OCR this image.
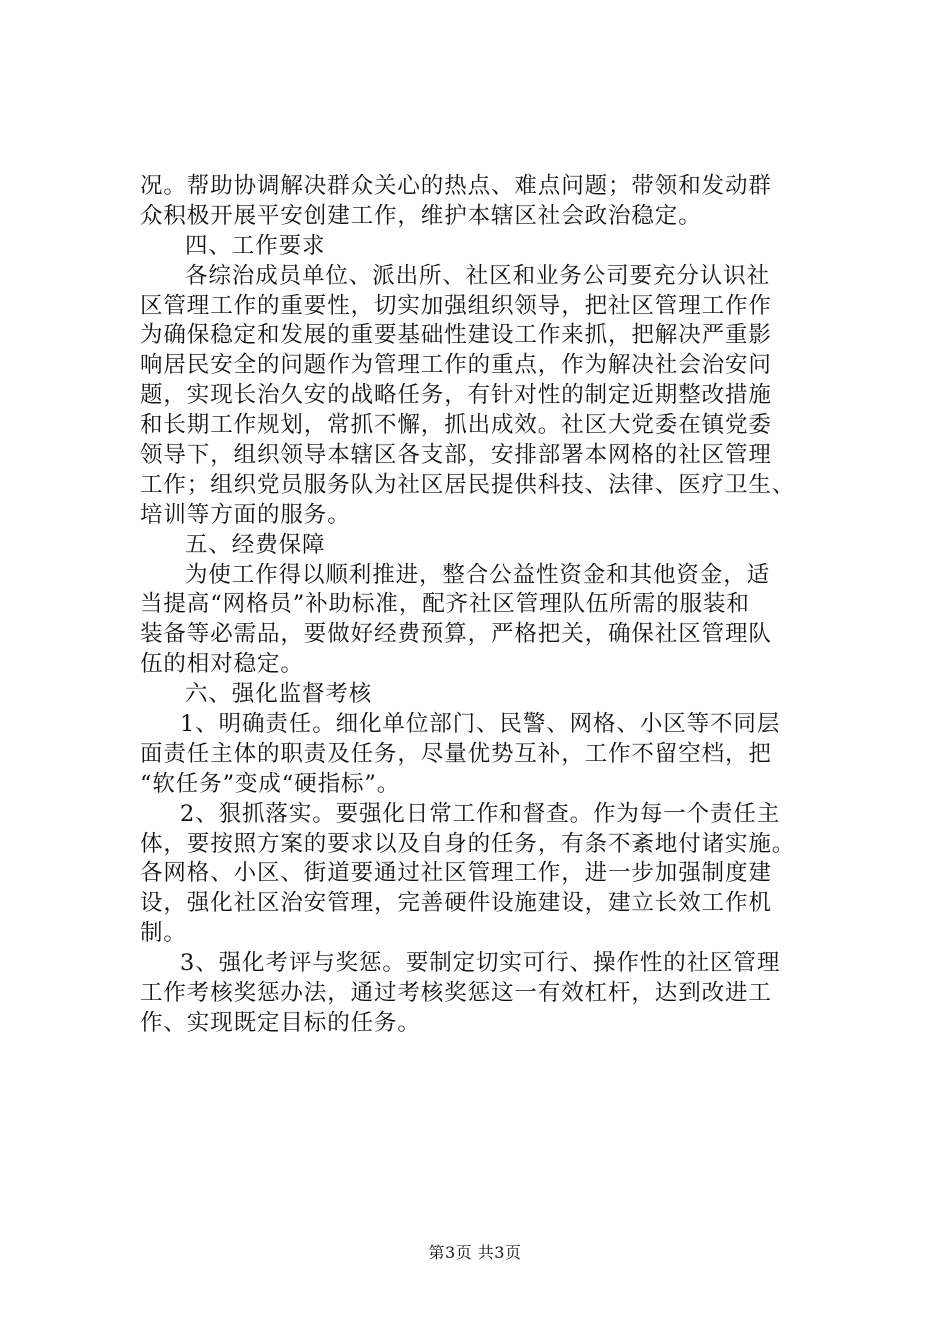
况。帮助协调解决群众关心的热点、难点问题；带领和发动群
众积极开展平安创建工作，维护本辖区社会政治稳定。
四、工作要求
各综治成员单位、派出所、社区和业务公司要充分认识社
区管理工作的重要性，切实加强组织领导，把社区管理工作作
为确保稳定和发展的重要基础性建设工作来抓，把解决严重影
响居民安全的问题作为管理工作的重点，作为解决社会治安问
题，实现长治久安的战略任务，有针对性的制定近期整改措施
和长期工作规划，常抓不懈，抓出成效。社区大党委在镇党委
领导下，组织领导本辖区各支部，安排部署本网格的社区管理
工作；组织党员服务队为社区居民提供科技、法律、医疗卫生、
培训等方面的服务。
五、经费保障
为使工作得以顺利推进，整合公益性资金和其他资金，适
当提高“网格员”补助标准，配齐社区管理队伍所需的服装和
装备等必需品，要做好经费预算，严格把关，确保社区管理队
伍的相对稳定。
六、强化监督考核
1、明确责任。细化单位部门、民警、网格、小区等不同层
面责任主体的职责及任务，尽量优势互补，工作不留空档，把
“软任务”变成“硬指标”。
2、狠抓落实。要强化日常工作和督查。作为每一个责任主
体，要按照方案的要求以及自身的任务，有条不紊地付诸实施。
各网格、小区、街道要通过社区管理工作，进一步加强制度建
设，强化社区治安管理，完善硬件设施建设，建立长效工作机
制。
3、强化考评与奖惩。要制定切实可行、操作性的社区管理
工作考核奖惩办法，通过考核奖惩这一有效杠杆，达到改进工
作、实现既定目标的任务。
第3页 共3页
